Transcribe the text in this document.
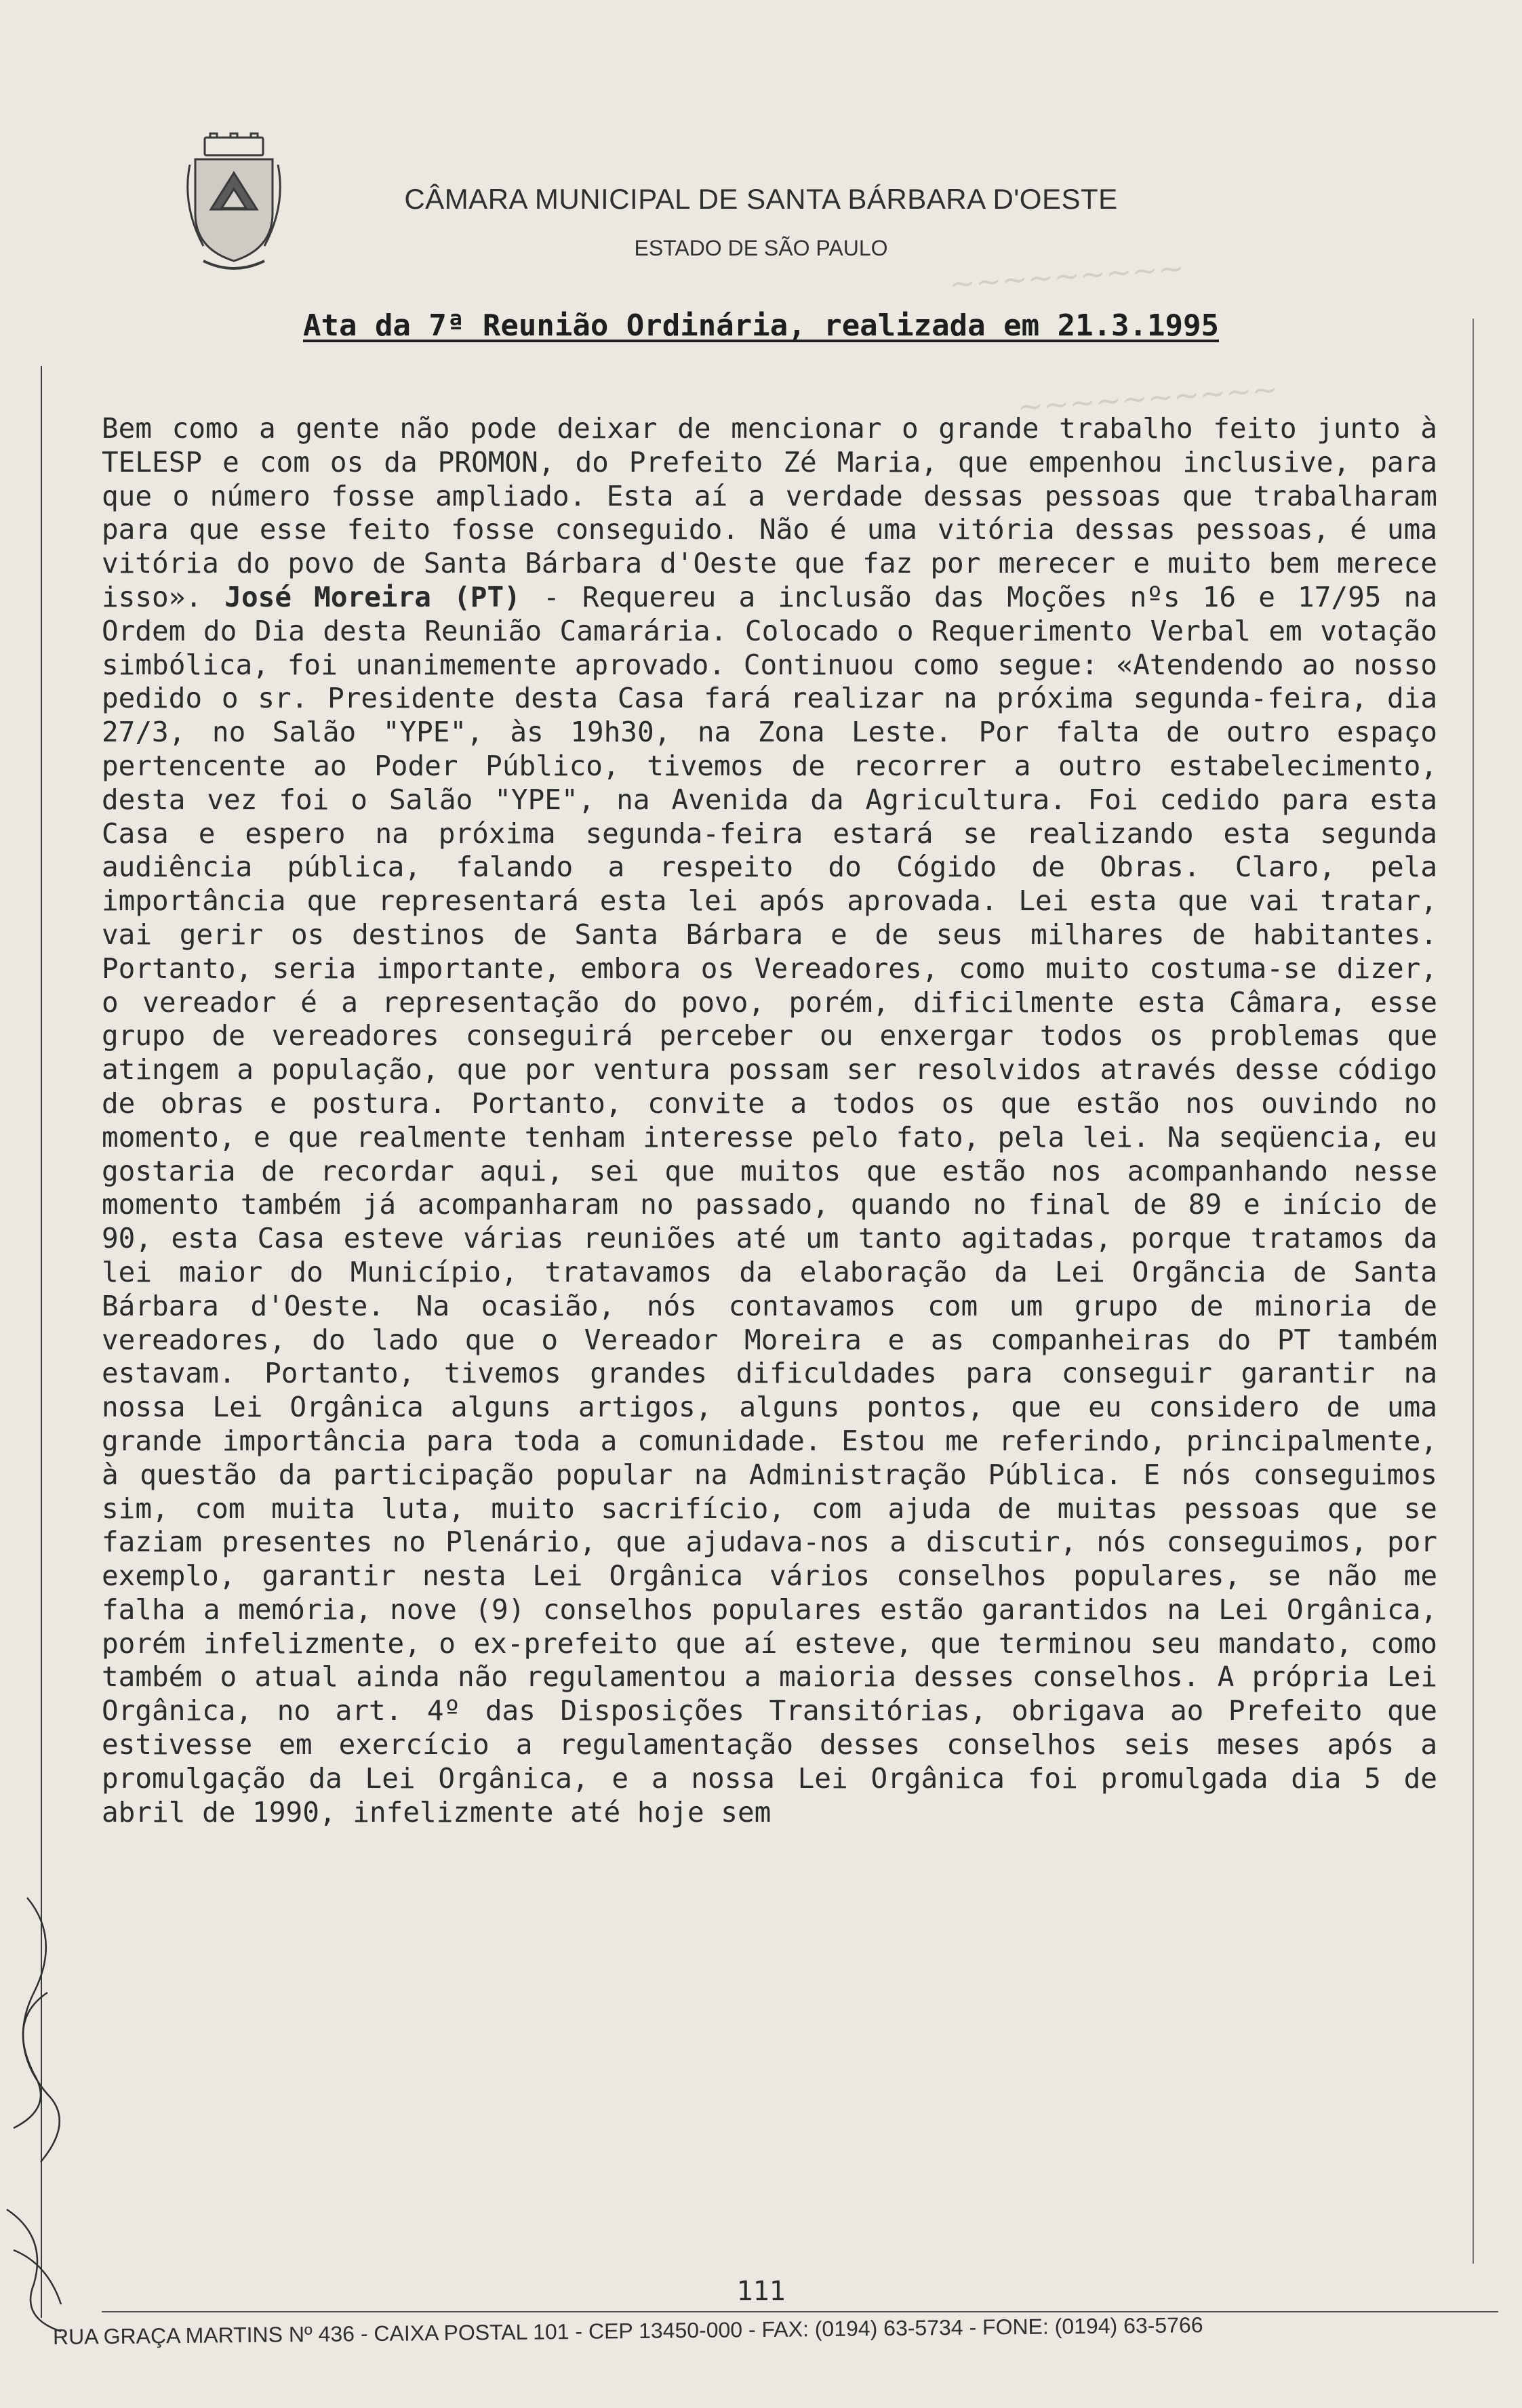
~~~~~~~~~
~~~~~~~~~~
CÂMARA MUNICIPAL DE SANTA BÁRBARA D'OESTE
ESTADO DE SÃO PAULO
Ata da 7ª Reunião Ordinária, realizada em 21.3.1995

Bem como a gente não pode deixar de mencionar o grande trabalho feito junto à TELESP e com os da PROMON, do Prefeito Zé Maria, que empenhou inclusive, para que o número fosse ampliado. Esta aí a verdade dessas pessoas que trabalharam para que esse feito fosse conseguido. Não é uma vitória dessas pessoas, é uma vitória do povo de Santa Bárbara d'Oeste que faz por merecer e muito bem merece isso». José Moreira (PT) - Requereu a inclusão das Moções nºs 16 e 17/95 na Ordem do Dia desta Reunião Camarária. Colocado o Requerimento Verbal em votação simbólica, foi unanimemente aprovado. Continuou como segue: «Atendendo ao nosso pedido o sr. Presidente desta Casa fará realizar na próxima segunda-feira, dia 27/3, no Salão "YPE", às 19h30, na Zona Leste. Por falta de outro espaço pertencente ao Poder Público, tivemos de recorrer a outro estabelecimento, desta vez foi o Salão "YPE", na Avenida da Agricultura. Foi cedido para esta Casa e espero na próxima segunda-feira estará se realizando esta segunda audiência pública, falando a respeito do Cógido de Obras. Claro, pela importância que representará esta lei após aprovada. Lei esta que vai tratar, vai gerir os destinos de Santa Bárbara e de seus milhares de habitantes. Portanto, seria importante, embora os Vereadores, como muito costuma-se dizer, o vereador é a representação do povo, porém, dificilmente esta Câmara, esse grupo de vereadores conseguirá perceber ou enxergar todos os problemas que atingem a população, que por ventura possam ser resolvidos através desse código de obras e postura. Portanto, convite a todos os que estão nos ouvindo no momento, e que realmente tenham interesse pelo fato, pela lei. Na seqüencia, eu gostaria de recordar aqui, sei que muitos que estão nos acompanhando nesse momento também já acompanharam no passado, quando no final de 89 e início de 90, esta Casa esteve várias reuniões até um tanto agitadas, porque tratamos da lei maior do Município, tratavamos da elaboração da Lei Orgãncia de Santa Bárbara d'Oeste. Na ocasião, nós contavamos com um grupo de minoria de vereadores, do lado que o Vereador Moreira e as companheiras do PT também estavam. Portanto, tivemos grandes dificuldades para conseguir garantir na nossa Lei Orgânica alguns artigos, alguns pontos, que eu considero de uma grande importância para toda a comunidade. Estou me referindo, principalmente, à questão da participação popular na Administração Pública. E nós conseguimos sim, com muita luta, muito sacrifício, com ajuda de muitas pessoas que se faziam presentes no Plenário, que ajudava-nos a discutir, nós conseguimos, por exemplo, garantir nesta Lei Orgânica vários conselhos populares, se não me falha a memória, nove (9) conselhos populares estão garantidos na Lei Orgânica, porém infelizmente, o ex-prefeito que aí esteve, que terminou seu mandato, como também o atual ainda não regulamentou a maioria desses conselhos. A própria Lei Orgânica, no art. 4º das Disposições Transitórias, obrigava ao Prefeito que estivesse em exercício a regulamentação desses conselhos seis meses após a promulgação da Lei Orgânica, e a nossa Lei Orgânica foi promulgada dia 5 de abril de 1990, infelizmente até hoje sem

111
RUA GRAÇA MARTINS Nº 436 - CAIXA POSTAL 101 - CEP 13450-000 - FAX: (0194) 63-5734 - FONE: (0194) 63-5766
